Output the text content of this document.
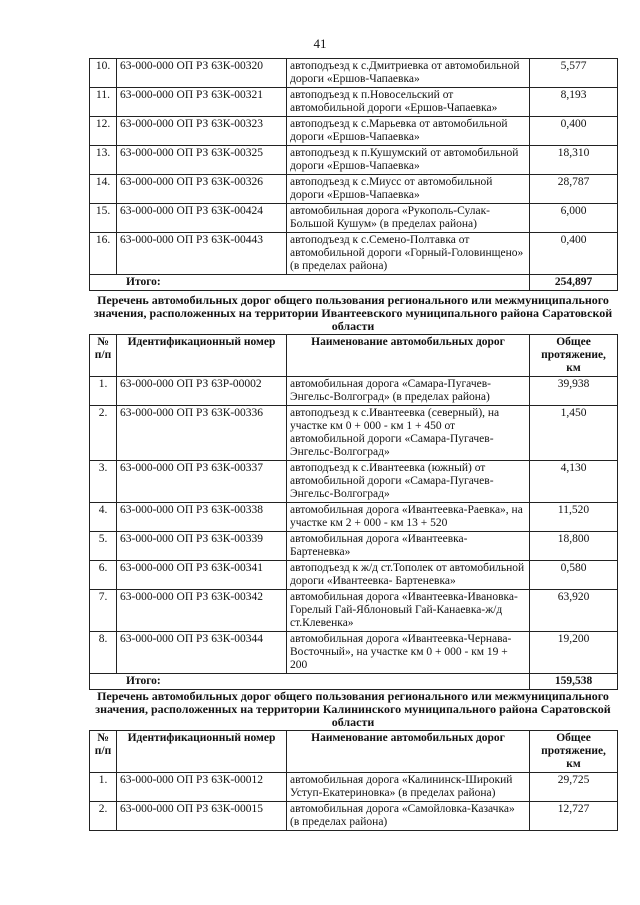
41
10.	63-000-000 ОП РЗ 63К-00320	автоподъезд к с.Дмитриевка от автомобильной дороги «Ершов-Чапаевка»	5,577
11.	63-000-000 ОП РЗ 63К-00321	автоподъезд к п.Новосельский от автомобильной дороги «Ершов-Чапаевка»	8,193
12.	63-000-000 ОП РЗ 63К-00323	автоподъезд к с.Марьевка от автомобильной дороги «Ершов-Чапаевка»	0,400
13.	63-000-000 ОП РЗ 63К-00325	автоподъезд к п.Кушумский от автомобильной дороги «Ершов-Чапаевка»	18,310
14.	63-000-000 ОП РЗ 63К-00326	автоподъезд к с.Миусс от автомобильной дороги «Ершов-Чапаевка»	28,787
15.	63-000-000 ОП РЗ 63К-00424	автомобильная дорога «Рукополь-Сулак-Большой Кушум» (в пределах района)	6,000
16.	63-000-000 ОП РЗ 63К-00443	автоподъезд к с.Семено-Полтавка от автомобильной дороги «Горный-Головинщено» (в пределах района)	0,400
Итого:			254,897
Перечень автомобильных дорог общего пользования регионального или межмуниципального значения, расположенных на территории Ивантеевского муниципального района Саратовской области
№ п/п	Идентификационный номер	Наименование автомобильных дорог	Общее протяжение, км
1.	63-000-000 ОП РЗ 63Р-00002	автомобильная дорога «Самара-Пугачев-Энгельс-Волгоград» (в пределах района)	39,938
2.	63-000-000 ОП РЗ 63К-00336	автоподъезд к с.Ивантеевка (северный), на участке км 0 + 000 - км 1 + 450 от автомобильной дороги «Самара-Пугачев-Энгельс-Волгоград»	1,450
3.	63-000-000 ОП РЗ 63К-00337	автоподъезд к с.Ивантеевка (южный) от автомобильной дороги «Самара-Пугачев- Энгельс-Волгоград»	4,130
4.	63-000-000 ОП РЗ 63К-00338	автомобильная дорога «Ивантеевка-Раевка», на участке км 2 + 000 - км 13 + 520	11,520
5.	63-000-000 ОП РЗ 63К-00339	автомобильная дорога «Ивантеевка-Бартеневка»	18,800
6.	63-000-000 ОП РЗ 63К-00341	автоподъезд к ж/д ст.Тополек от автомобильной дороги «Ивантеевка- Бартеневка»	0,580
7.	63-000-000 ОП РЗ 63К-00342	автомобильная дорога «Ивантеевка-Ивановка-Горелый Гай-Яблоновый Гай-Канаевка-ж/д ст.Клевенка»	63,920
8.	63-000-000 ОП РЗ 63К-00344	автомобильная дорога «Ивантеевка-Чернава-Восточный», на участке км 0 + 000 - км 19 + 200	19,200
Итого:			159,538
Перечень автомобильных дорог общего пользования регионального или межмуниципального значения, расположенных на территории Калининского муниципального района Саратовской области
№ п/п	Идентификационный номер	Наименование автомобильных дорог	Общее протяжение, км
1.	63-000-000 ОП РЗ 63К-00012	автомобильная дорога «Калининск-Широкий Уступ-Екатериновка» (в пределах района)	29,725
2.	63-000-000 ОП РЗ 63К-00015	автомобильная дорога «Самойловка-Казачка» (в пределах района)	12,727
